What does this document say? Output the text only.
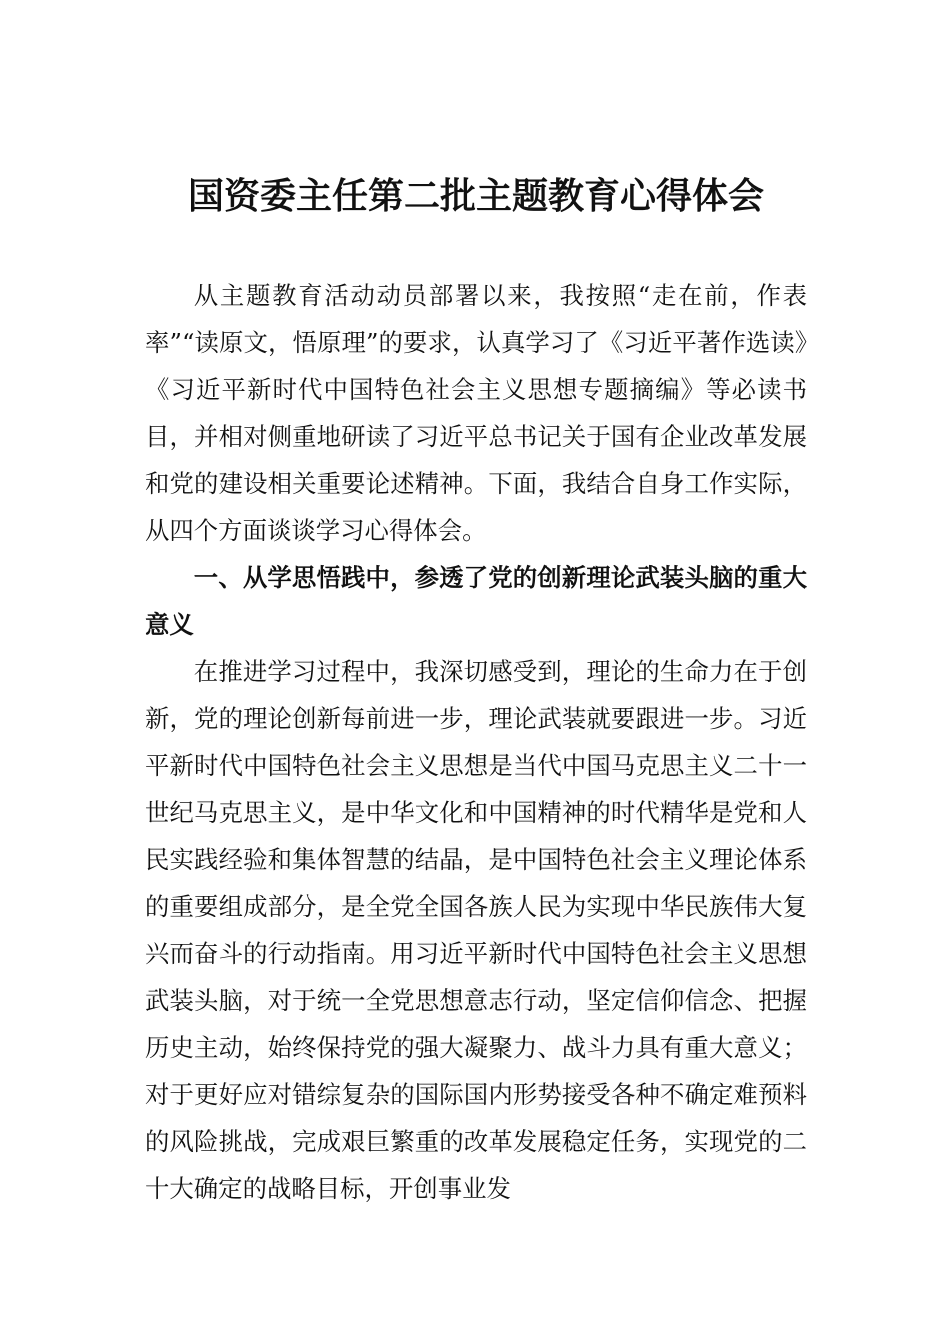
国资委主任第二批主题教育心得体会

从主题教育活动动员部署以来，我按照“走在前，作表率”“读原文，悟原理”的要求，认真学习了《习近平著作选读》《习近平新时代中国特色社会主义思想专题摘编》等必读书目，并相对侧重地研读了习近平总书记关于国有企业改革发展和党的建设相关重要论述精神。下面，我结合自身工作实际，从四个方面谈谈学习心得体会。

一、从学思悟践中，参透了党的创新理论武装头脑的重大意义

在推进学习过程中，我深切感受到，理论的生命力在于创新，党的理论创新每前进一步，理论武装就要跟进一步。习近平新时代中国特色社会主义思想是当代中国马克思主义二十一世纪马克思主义，是中华文化和中国精神的时代精华是党和人民实践经验和集体智慧的结晶，是中国特色社会主义理论体系的重要组成部分，是全党全国各族人民为实现中华民族伟大复兴而奋斗的行动指南。用习近平新时代中国特色社会主义思想武装头脑，对于统一全党思想意志行动，坚定信仰信念、把握历史主动，始终保持党的强大凝聚力、战斗力具有重大意义；对于更好应对错综复杂的国际国内形势接受各种不确定难预料的风险挑战，完成艰巨繁重的改革发展稳定任务，实现党的二十大确定的战略目标，开创事业发
